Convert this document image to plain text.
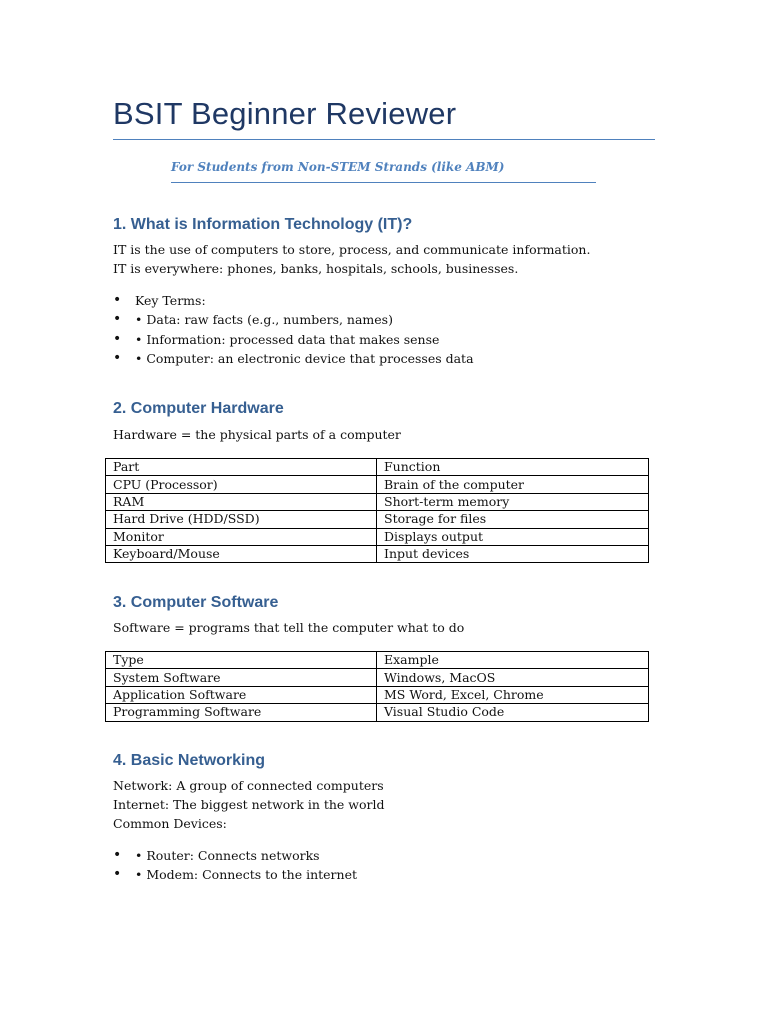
BSIT Beginner Reviewer
For Students from Non-STEM Strands (like ABM)
1. What is Information Technology (IT)?
IT is the use of computers to store, process, and communicate information.
IT is everywhere: phones, banks, hospitals, schools, businesses.
• Key Terms:
• • Data: raw facts (e.g., numbers, names)
• • Information: processed data that makes sense
• • Computer: an electronic device that processes data
2. Computer Hardware
Hardware = the physical parts of a computer
Part	Function
CPU (Processor)	Brain of the computer
RAM	Short-term memory
Hard Drive (HDD/SSD)	Storage for files
Monitor	Displays output
Keyboard/Mouse	Input devices
3. Computer Software
Software = programs that tell the computer what to do
Type	Example
System Software	Windows, MacOS
Application Software	MS Word, Excel, Chrome
Programming Software	Visual Studio Code
4. Basic Networking
Network: A group of connected computers
Internet: The biggest network in the world
Common Devices:
• • Router: Connects networks
• • Modem: Connects to the internet
